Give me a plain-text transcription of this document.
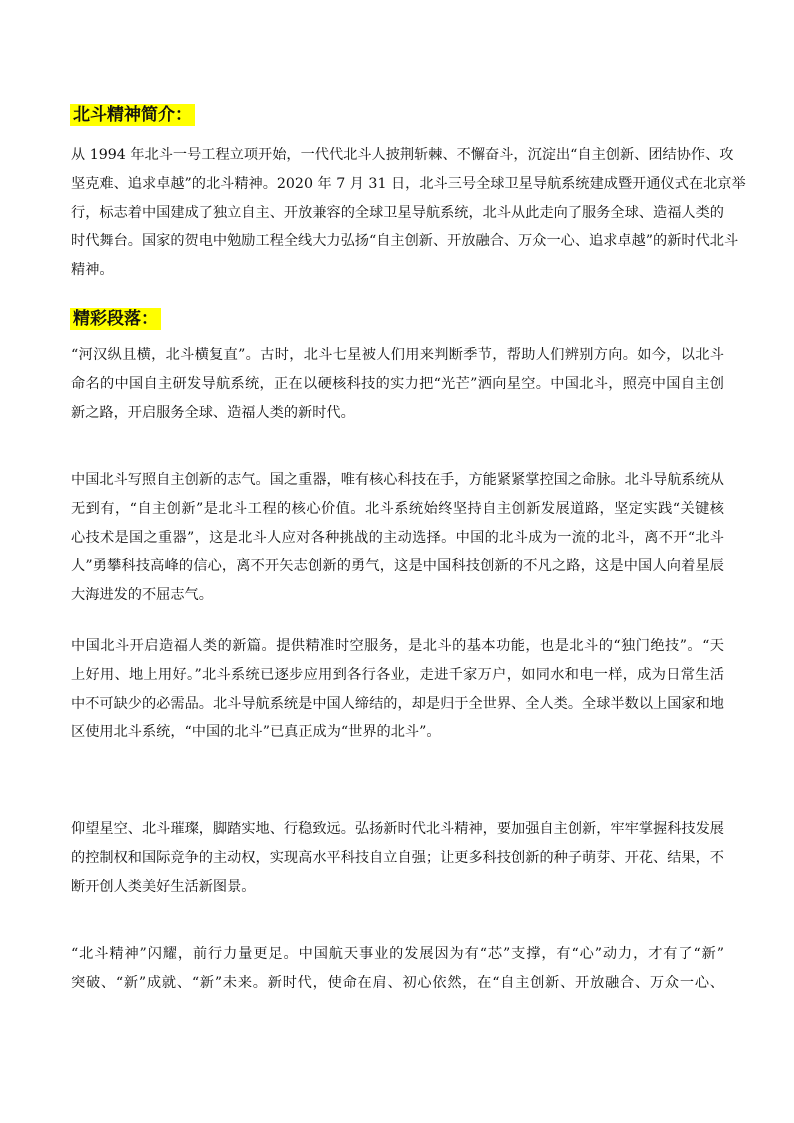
北斗精神简介：
从 1994 年北斗一号工程立项开始，一代代北斗人披荆斩棘、不懈奋斗，沉淀出“自主创新、团结协作、攻
坚克难、追求卓越”的北斗精神。2020 年 7 月 31 日，北斗三号全球卫星导航系统建成暨开通仪式在北京举
行，标志着中国建成了独立自主、开放兼容的全球卫星导航系统，北斗从此走向了服务全球、造福人类的
时代舞台。国家的贺电中勉励工程全线大力弘扬“自主创新、开放融合、万众一心、追求卓越”的新时代北斗
精神。
精彩段落：
“河汉纵且横，北斗横复直”。古时，北斗七星被人们用来判断季节，帮助人们辨别方向。如今，以北斗
命名的中国自主研发导航系统，正在以硬核科技的实力把“光芒”洒向星空。中国北斗，照亮中国自主创
新之路，开启服务全球、造福人类的新时代。
中国北斗写照自主创新的志气。国之重器，唯有核心科技在手，方能紧紧掌控国之命脉。北斗导航系统从
无到有，“自主创新”是北斗工程的核心价值。北斗系统始终坚持自主创新发展道路，坚定实践“关键核
心技术是国之重器”，这是北斗人应对各种挑战的主动选择。中国的北斗成为一流的北斗，离不开“北斗
人”勇攀科技高峰的信心，离不开矢志创新的勇气，这是中国科技创新的不凡之路，这是中国人向着星辰
大海进发的不屈志气。
中国北斗开启造福人类的新篇。提供精准时空服务，是北斗的基本功能，也是北斗的“独门绝技”。“天
上好用、地上用好。”北斗系统已逐步应用到各行各业，走进千家万户，如同水和电一样，成为日常生活
中不可缺少的必需品。北斗导航系统是中国人缔结的，却是归于全世界、全人类。全球半数以上国家和地
区使用北斗系统，“中国的北斗”已真正成为“世界的北斗”。
仰望星空、北斗璀璨，脚踏实地、行稳致远。弘扬新时代北斗精神，要加强自主创新，牢牢掌握科技发展
的控制权和国际竞争的主动权，实现高水平科技自立自强；让更多科技创新的种子萌芽、开花、结果，不
断开创人类美好生活新图景。
“北斗精神”闪耀，前行力量更足。中国航天事业的发展因为有“芯”支撑，有“心”动力，才有了“新”
突破、“新”成就、“新”未来。新时代，使命在肩、初心依然，在“自主创新、开放融合、万众一心、
